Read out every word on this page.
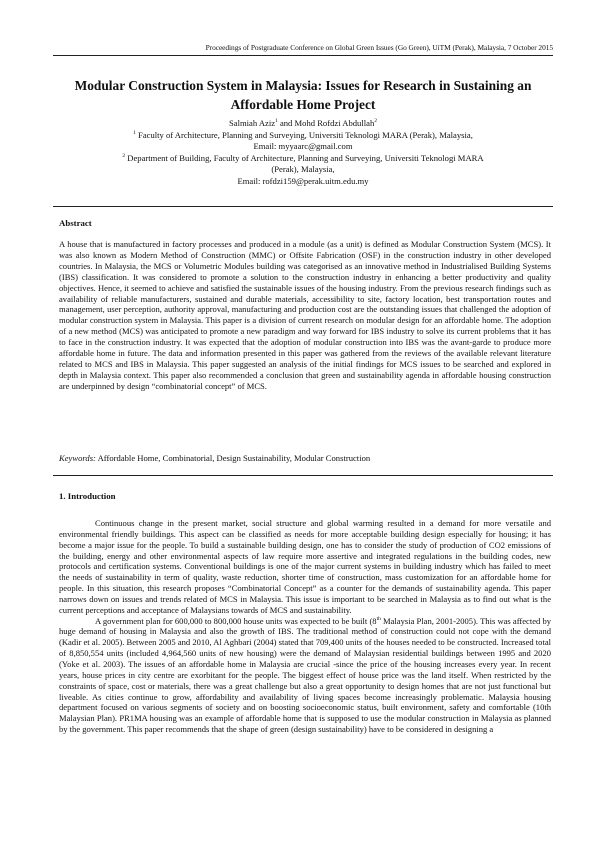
Proceedings of Postgraduate Conference on Global Green Issues (Go Green), UiTM (Perak), Malaysia, 7 October 2015
Modular Construction System in Malaysia: Issues for Research in Sustaining an
Affordable Home Project
Salmiah Aziz$^1$ and Mohd Rofdzi Abdullah$^2$
$^1$ Faculty of Architecture, Planning and Surveying, Universiti Teknologi MARA (Perak), Malaysia,
Email: myyaarc@gmail.com
$^2$ Department of Building, Faculty of Architecture, Planning and Surveying, Universiti Teknologi MARA
(Perak), Malaysia,
Email: rofdzi159@perak.uitm.edu.my
Abstract
A house that is manufactured in factory processes and produced in a module (as a unit) is defined as Modular Construction System (MCS). It was also known as Modern Method of Construction (MMC) or Offsite Fabrication (OSF) in the construction industry in other developed countries. In Malaysia, the MCS or Volumetric Modules building was categorised as an innovative method in Industrialised Building Systems (IBS) classification. It was considered to promote a solution to the construction industry in enhancing a better productivity and quality objectives. Hence, it seemed to achieve and satisfied the sustainable issues of the housing industry. From the previous research findings such as availability of reliable manufacturers, sustained and durable materials, accessibility to site, factory location, best transportation routes and management, user perception, authority approval, manufacturing and production cost are the outstanding issues that challenged the adoption of modular construction system in Malaysia. This paper is a division of current research on modular design for an affordable home. The adoption of a new method (MCS) was anticipated to promote a new paradigm and way forward for IBS industry to solve its current problems that it has to face in the construction industry. It was expected that the adoption of modular construction into IBS was the avant-garde to produce more affordable home in future. The data and information presented in this paper was gathered from the reviews of the available relevant literature related to MCS and IBS in Malaysia. This paper suggested an analysis of the initial findings for MCS issues to be searched and explored in depth in Malaysia context. This paper also recommended a conclusion that green and sustainability agenda in affordable housing construction are underpinned by design “combinatorial concept” of MCS.
Keywords: Affordable Home, Combinatorial, Design Sustainability, Modular Construction
1. Introduction

Continuous change in the present market, social structure and global warming resulted in a demand for more versatile and environmental friendly buildings. This aspect can be classified as needs for more acceptable building design especially for housing; it has become a major issue for the people. To build a sustainable building design, one has to consider the study of production of CO2 emissions of the building, energy and other environmental aspects of law require more assertive and integrated regulations in the building codes, new protocols and certification systems. Conventional buildings is one of the major current systems in building industry which has failed to meet the needs of sustainability in term of quality, waste reduction, shorter time of construction, mass customization for an affordable home for people. In this situation, this research proposes “Combinatorial Concept” as a counter for the demands of sustainability agenda. This paper narrows down on issues and trends related of MCS in Malaysia. This issue is important to be searched in Malaysia as to find out what is the current perceptions and acceptance of Malaysians towards of MCS and sustainability.

A government plan for 600,000 to 800,000 house units was expected to be built (8th Malaysia Plan, 2001-2005). This was affected by huge demand of housing in Malaysia and also the growth of IBS. The traditional method of construction could not cope with the demand (Kadir et al. 2005). Between 2005 and 2010, Al Aghbari (2004) stated that 709,400 units of the houses needed to be constructed. Increased total of 8,850,554 units (included 4,964,560 units of new housing) were the demand of Malaysian residential buildings between 1995 and 2020 (Yoke et al. 2003). The issues of an affordable home in Malaysia are crucial -since the price of the housing increases every year. In recent years, house prices in city centre are exorbitant for the people. The biggest effect of house price was the land itself. When restricted by the constraints of space, cost or materials, there was a great challenge but also a great opportunity to design homes that are not just functional but liveable. As cities continue to grow, affordability and availability of living spaces become increasingly problematic. Malaysia housing department focused on various segments of society and on boosting socioeconomic status, built environment, safety and comfortable (10th Malaysian Plan). PR1MA housing was an example of affordable home that is supposed to use the modular construction in Malaysia as planned by the government. This paper recommends that the shape of green (design sustainability) have to be considered in designing a
